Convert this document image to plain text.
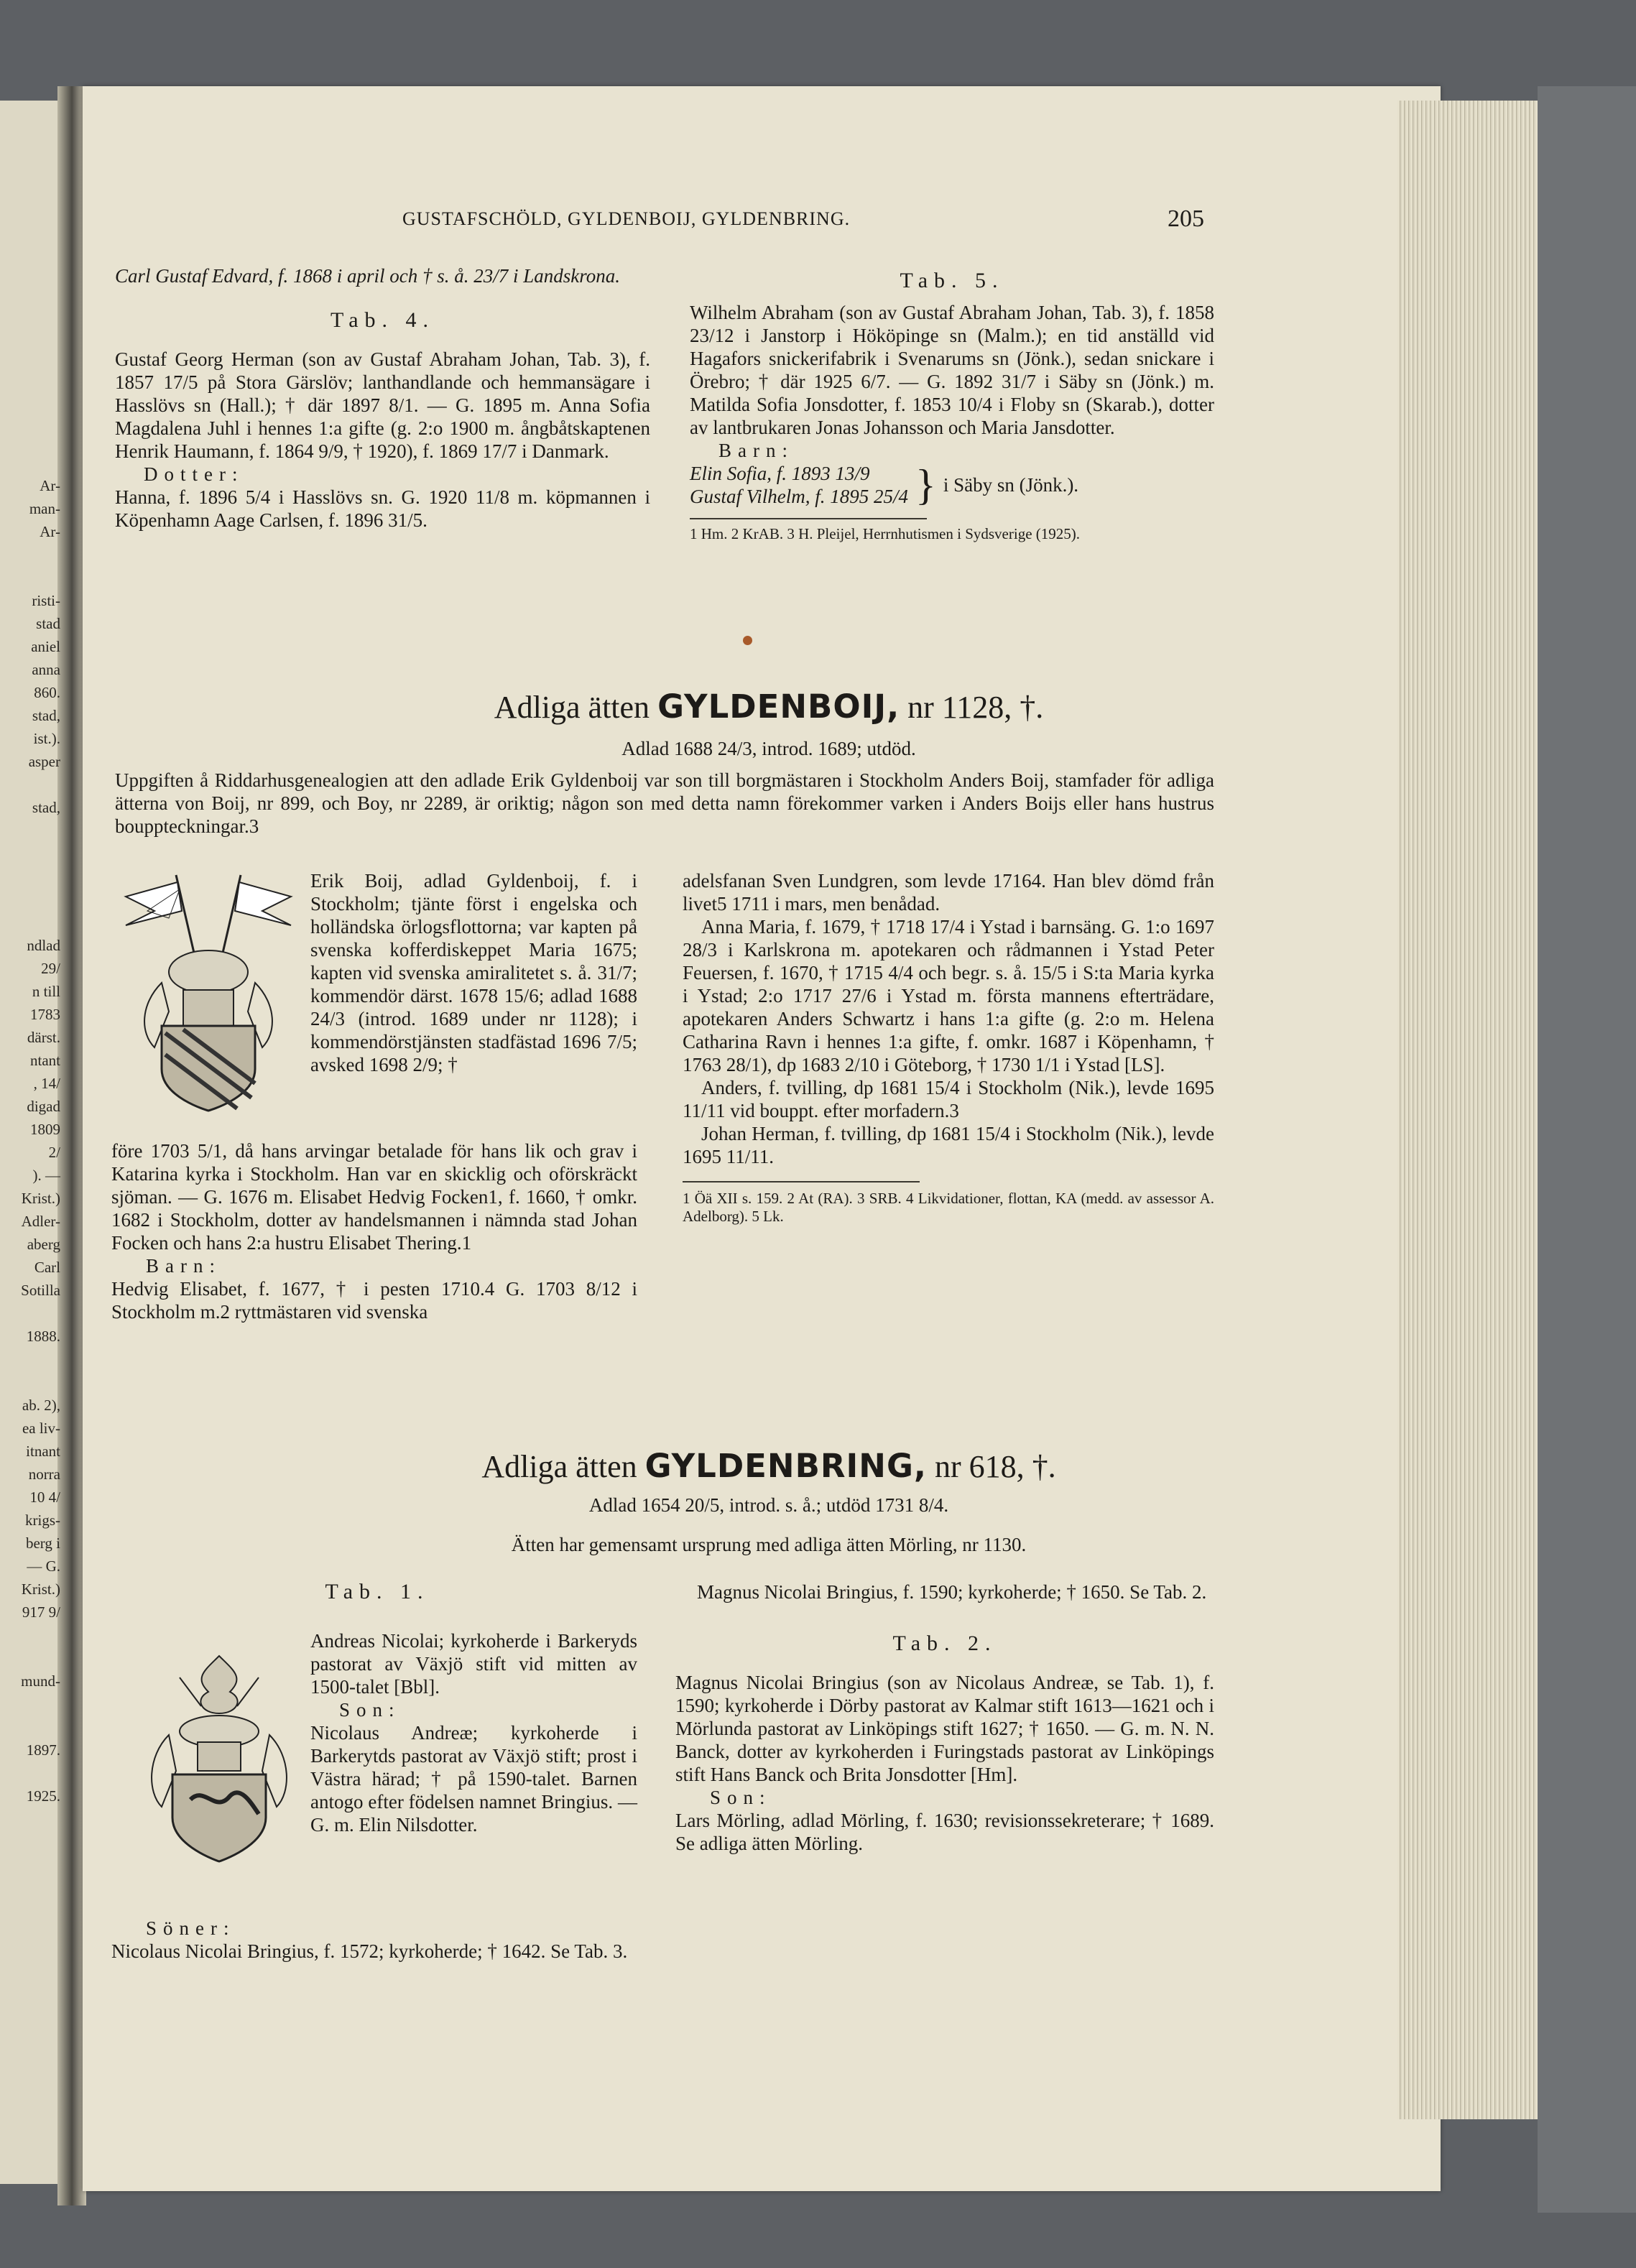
Ar-
man-
Ar-
risti-
stad
aniel
anna
860.
stad,
ist.).
asper
stad,
ndlad
29/
n till
1783
därst.
ntant
, 14/
digad
1809
2/
). —
Krist.)
Adler-
aberg
Carl
Sotilla
1888.
ab. 2),
ea liv-
itnant
norra
10 4/
krigs-
berg i
— G.
Krist.)
917 9/
mund-
1897.
1925.
GUSTAFSCHÖLD, GYLDENBOIJ, GYLDENBRING.	205

Carl Gustaf Edvard, f. 1868 i april och † s. å. 23/7 i Landskrona.

Tab. 4.

Gustaf Georg Herman (son av Gustaf Abraham Johan, Tab. 3), f. 1857 17/5 på Stora Gärslöv; lanthandlande och hemmansägare i Hasslövs sn (Hall.); † där 1897 8/1. — G. 1895 m. Anna Sofia Magdalena Juhl i hennes 1:a gifte (g. 2:o 1900 m. ångbåtskaptenen Henrik Haumann, f. 1864 9/9, † 1920), f. 1869 17/7 i Danmark.

Dotter:

Hanna, f. 1896 5/4 i Hasslövs sn. G. 1920 11/8 m. köpmannen i Köpenhamn Aage Carlsen, f. 1896 31/5.

Tab. 5.

Wilhelm Abraham (son av Gustaf Abraham Johan, Tab. 3), f. 1858 23/12 i Janstorp i Hököpinge sn (Malm.); en tid anställd vid Hagafors snickerifabrik i Svenarums sn (Jönk.), sedan snickare i Örebro; † där 1925 6/7. — G. 1892 31/7 i Säby sn (Jönk.) m. Matilda Sofia Jonsdotter, f. 1853 10/4 i Floby sn (Skarab.), dotter av lantbrukaren Jonas Johansson och Maria Jansdotter.

Barn:

Elin Sofia, f. 1893 13/9

Gustaf Vilhelm, f. 1895 25/4 } i Säby sn (Jönk.).

1 Hm. 2 KrAB. 3 H. Pleijel, Herrnhutismen i Sydsverige (1925).

Adliga ätten GYLDENBOIJ, nr 1128, †.
Adlad 1688 24/3, introd. 1689; utdöd.
Uppgiften å Riddarhusgenealogien att den adlade Erik Gyldenboij var son till borgmästaren i Stockholm Anders Boij, stamfader för adliga ätterna von Boij, nr 899, och Boy, nr 2289, är oriktig; någon son med detta namn förekommer varken i Anders Boijs eller hans hustrus bouppteckningar.3

Erik Boij, adlad Gyldenboij, f. i Stockholm; tjänte först i engelska och holländska örlogsflottorna; var kapten på svenska kofferdiskeppet Maria 1675; kapten vid svenska amiralitetet s. å. 31/7; kommendör därst. 1678 15/6; adlad 1688 24/3 (introd. 1689 under nr 1128); i kommendörstjänsten stadfästad 1696 7/5; avsked 1698 2/9; †

före 1703 5/1, då hans arvingar betalade för hans lik och grav i Katarina kyrka i Stockholm. Han var en skicklig och oförskräckt sjöman. — G. 1676 m. Elisabet Hedvig Focken1, f. 1660, † omkr. 1682 i Stockholm, dotter av handelsmannen i nämnda stad Johan Focken och hans 2:a hustru Elisabet Thering.1

Barn:

Hedvig Elisabet, f. 1677, † i pesten 1710.4 G. 1703 8/12 i Stockholm m.2 ryttmästaren vid svenska

adelsfanan Sven Lundgren, som levde 17164. Han blev dömd från livet5 1711 i mars, men benådad.

Anna Maria, f. 1679, † 1718 17/4 i Ystad i barnsäng. G. 1:o 1697 28/3 i Karlskrona m. apotekaren och rådmannen i Ystad Peter Feuersen, f. 1670, † 1715 4/4 och begr. s. å. 15/5 i S:ta Maria kyrka i Ystad; 2:o 1717 27/6 i Ystad m. första mannens efterträdare, apotekaren Anders Schwartz i hans 1:a gifte (g. 2:o m. Helena Catharina Ravn i hennes 1:a gifte, f. omkr. 1687 i Köpenhamn, † 1763 28/1), dp 1683 2/10 i Göteborg, † 1730 1/1 i Ystad [LS].

Anders, f. tvilling, dp 1681 15/4 i Stockholm (Nik.), levde 1695 11/11 vid bouppt. efter morfadern.3

Johan Herman, f. tvilling, dp 1681 15/4 i Stockholm (Nik.), levde 1695 11/11.

1 Öä XII s. 159. 2 At (RA). 3 SRB. 4 Likvidationer, flottan, KA (medd. av assessor A. Adelborg). 5 Lk.

Adliga ätten GYLDENBRING, nr 618, †.
Adlad 1654 20/5, introd. s. å.; utdöd 1731 8/4.
Ätten har gemensamt ursprung med adliga ätten Mörling, nr 1130.
Tab. 1.

Andreas Nicolai; kyrkoherde i Barkeryds pastorat av Växjö stift vid mitten av 1500-talet [Bbl].

Son:

Nicolaus Andreæ; kyrkoherde i Barkerytds pastorat av Växjö stift; prost i Västra härad; † på 1590-talet. Barnen antogo efter födelsen namnet Bringius. — G. m. Elin Nilsdotter.

Söner:

Nicolaus Nicolai Bringius, f. 1572; kyrkoherde; † 1642. Se Tab. 3.

Magnus Nicolai Bringius, f. 1590; kyrkoherde; † 1650. Se Tab. 2.

Tab. 2.

Magnus Nicolai Bringius (son av Nicolaus Andreæ, se Tab. 1), f. 1590; kyrkoherde i Dörby pastorat av Kalmar stift 1613—1621 och i Mörlunda pastorat av Linköpings stift 1627; † 1650. — G. m. N. N. Banck, dotter av kyrkoherden i Furingstads pastorat av Linköpings stift Hans Banck och Brita Jonsdotter [Hm].

Son:

Lars Mörling, adlad Mörling, f. 1630; revisionssekreterare; † 1689. Se adliga ätten Mörling.
